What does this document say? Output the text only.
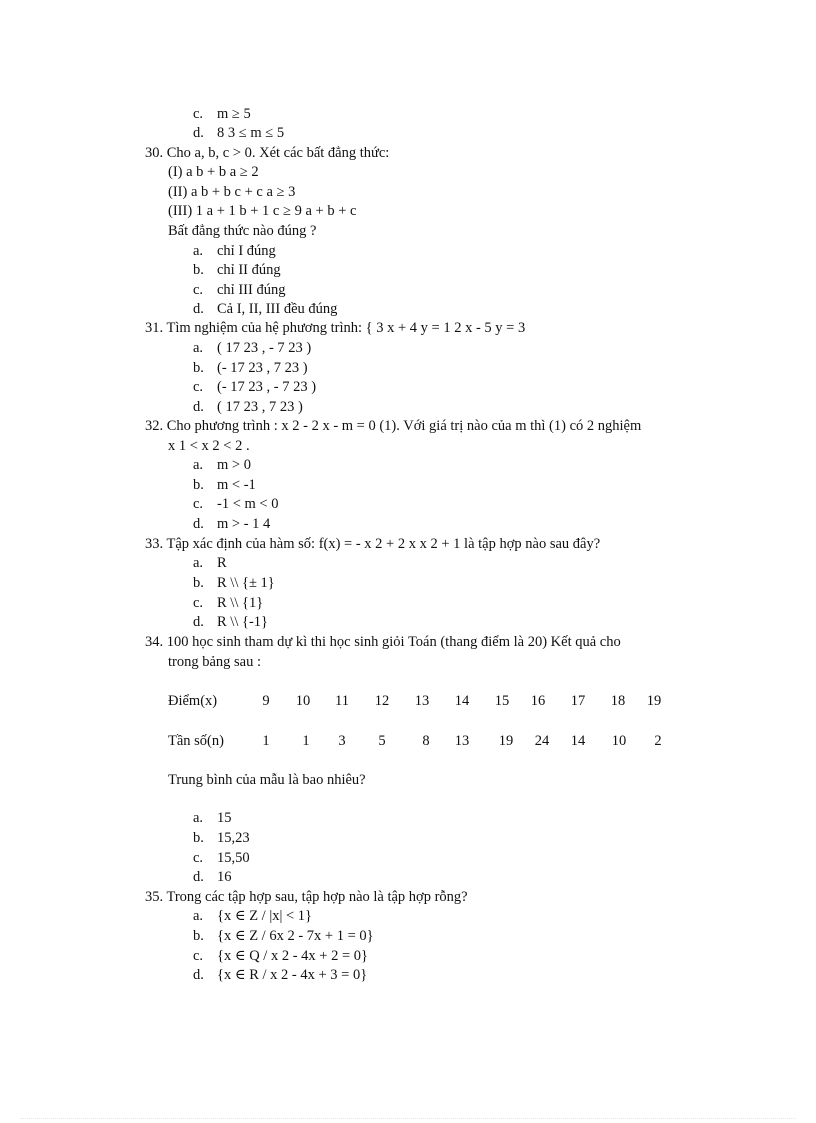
c. m ≥ 5
d. 8 3 ≤ m ≤ 5
30. Cho a, b, c > 0. Xét các bất đẳng thức:
(I) a b + b a ≥ 2
(II) a b + b c + c a ≥ 3
(III) 1 a + 1 b + 1 c ≥ 9 a + b + c
Bất đẳng thức nào đúng ?
a. chỉ I đúng
b. chỉ II đúng
c. chỉ III đúng
d. Cả I, II, III đều đúng
31. Tìm nghiệm của hệ phương trình: { 3 x + 4 y = 1 2 x - 5 y = 3
a. ( 17 23 , - 7 23 )
b. (- 17 23 , 7 23 )
c. (- 17 23 , - 7 23 )
d. ( 17 23 , 7 23 )
32. Cho phương trình : x 2 - 2 x - m = 0 (1). Với giá trị nào của m thì (1) có 2 nghiệm
x 1 < x 2 < 2 .
a. m > 0
b. m < -1
c. -1 < m < 0
d. m > - 1 4
33. Tập xác định của hàm số: f(x) = - x 2 + 2 x x 2 + 1 là tập hợp nào sau đây?
a. R
b. R \\ {± 1}
c. R \\ {1}
d. R \\ {-1}
34. 100 học sinh tham dự kì thi học sinh giỏi Toán (thang điểm là 20) Kết quả cho
trong bảng sau :
Điểm(x)	9	10	11	12	13	14	15	16	17	18	19
Tần số(n)	1	1	3	5	8	13	19	24	14	10	2
Trung bình của mẫu là bao nhiêu?
a. 15
b. 15,23
c. 15,50
d. 16
35. Trong các tập hợp sau, tập hợp nào là tập hợp rỗng?
a. {x ∈ Z / |x| < 1}
b. {x ∈ Z / 6x 2 - 7x + 1 = 0}
c. {x ∈ Q / x 2 - 4x + 2 = 0}
d. {x ∈ R / x 2 - 4x + 3 = 0}
